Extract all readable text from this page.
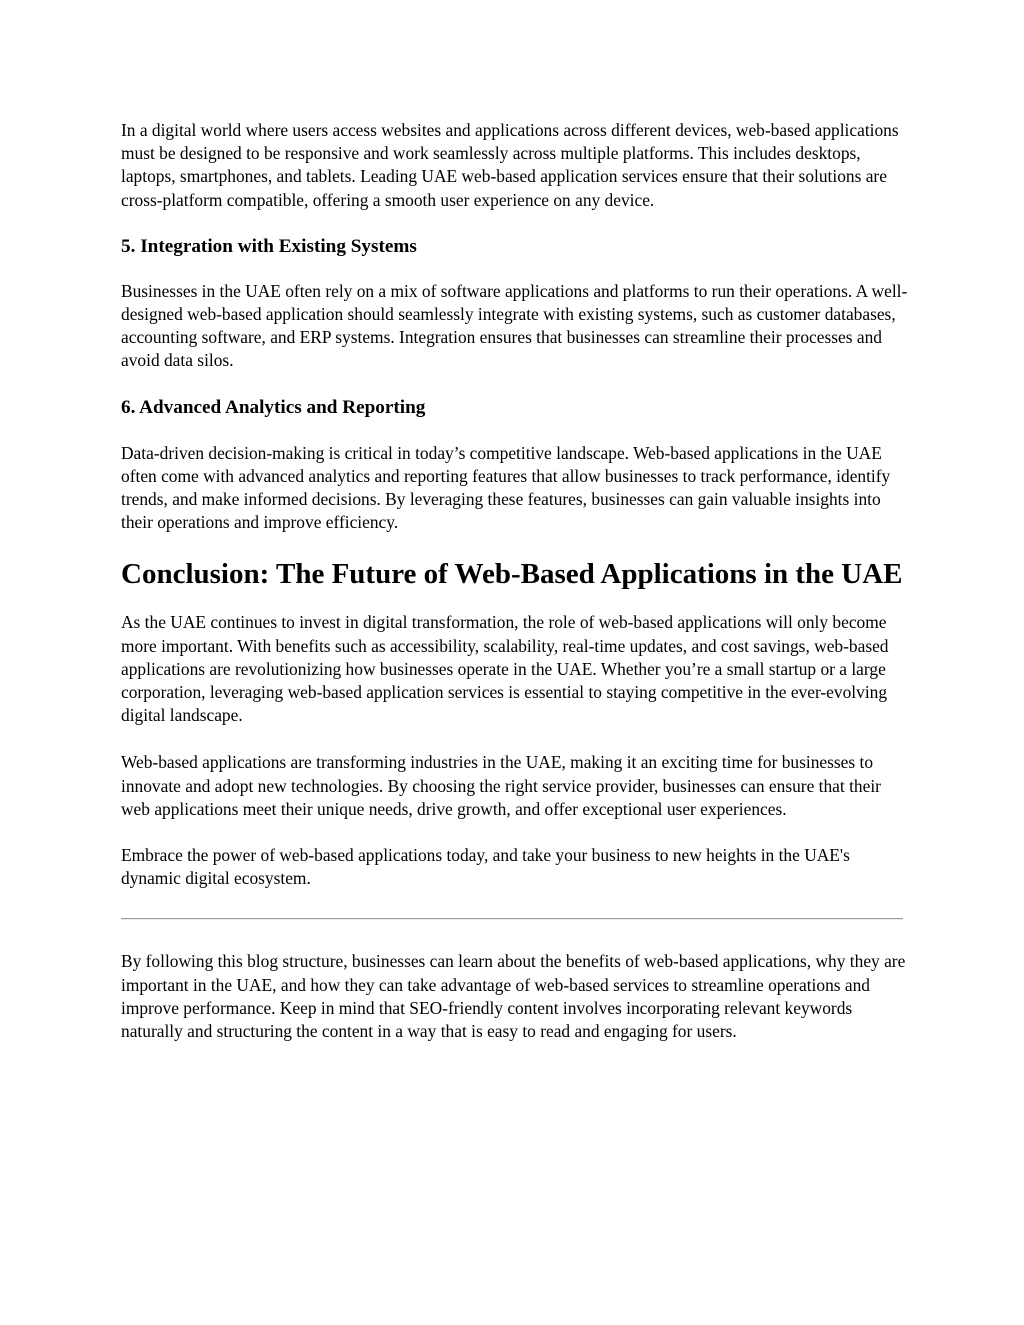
In a digital world where users access websites and applications across different devices, web-based applications must be designed to be responsive and work seamlessly across multiple platforms. This includes desktops, laptops, smartphones, and tablets. Leading UAE web-based application services ensure that their solutions are cross-platform compatible, offering a smooth user experience on any device.

5. Integration with Existing Systems

Businesses in the UAE often rely on a mix of software applications and platforms to run their operations. A well-designed web-based application should seamlessly integrate with existing systems, such as customer databases, accounting software, and ERP systems. Integration ensures that businesses can streamline their processes and avoid data silos.

6. Advanced Analytics and Reporting

Data-driven decision-making is critical in today’s competitive landscape. Web-based applications in the UAE often come with advanced analytics and reporting features that allow businesses to track performance, identify trends, and make informed decisions. By leveraging these features, businesses can gain valuable insights into their operations and improve efficiency.

Conclusion: The Future of Web-Based Applications in the UAE

As the UAE continues to invest in digital transformation, the role of web-based applications will only become more important. With benefits such as accessibility, scalability, real-time updates, and cost savings, web-based applications are revolutionizing how businesses operate in the UAE. Whether you’re a small startup or a large corporation, leveraging web-based application services is essential to staying competitive in the ever-evolving digital landscape.

Web-based applications are transforming industries in the UAE, making it an exciting time for businesses to innovate and adopt new technologies. By choosing the right service provider, businesses can ensure that their web applications meet their unique needs, drive growth, and offer exceptional user experiences.

Embrace the power of web-based applications today, and take your business to new heights in the UAE's dynamic digital ecosystem.

By following this blog structure, businesses can learn about the benefits of web-based applications, why they are important in the UAE, and how they can take advantage of web-based services to streamline operations and improve performance. Keep in mind that SEO-friendly content involves incorporating relevant keywords naturally and structuring the content in a way that is easy to read and engaging for users.
